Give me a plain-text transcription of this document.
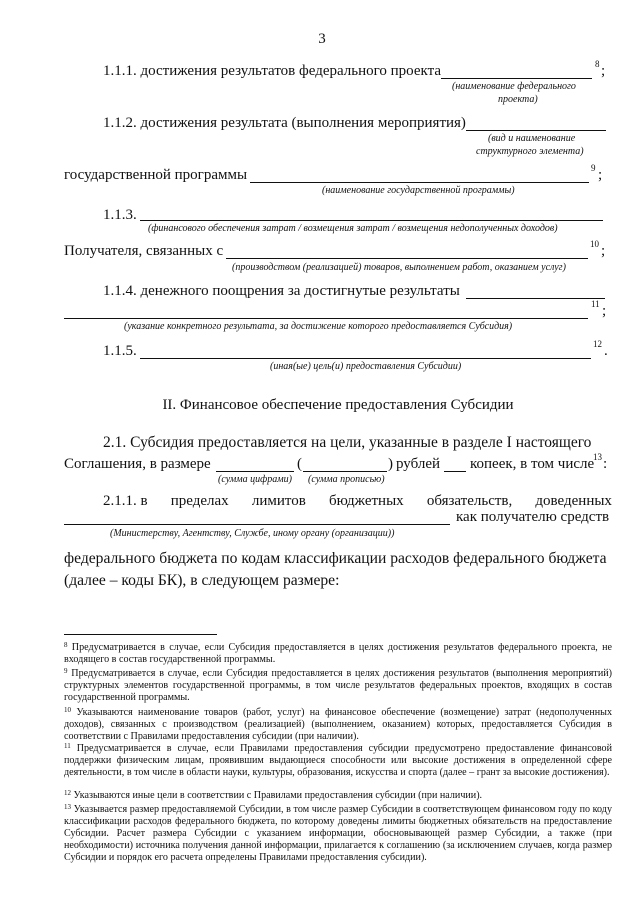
3
1.1.1. достижения результатов федерального проекта	8 ;
(наименование федерального
проекта)
1.1.2. достижения результата (выполнения мероприятия)
(вид и наименование
структурного элемента)
государственной программы	9 ;
(наименование государственной программы)
1.1.3.
(финансового обеспечения затрат / возмещения затрат / возмещения недополученных доходов)
Получателя, связанных с	10 ;
(производством (реализацией) товаров, выполнением работ, оказанием услуг)
1.1.4. денежного поощрения за достигнутые результаты
11 ;
(указание конкретного результата, за достижение которого предоставляется Субсидия)
1.1.5.	12 .
(иная(ые) цель(и) предоставления Субсидии)
II. Финансовое обеспечение предоставления Субсидии
2.1. Субсидия предоставляется на цели, указанные в разделе I настоящего
Соглашения, в размере	(	) рублей копеек, в том числе
13 :
(сумма цифрами) (сумма прописью)
2.1.1. в пределах лимитов бюджетных обязательств, доведенных
как получателю средств
(Министерству, Агентству, Службе, иному органу (организации))
федерального бюджета по кодам классификации расходов федерального бюджета
(далее – коды БК), в следующем размере:
$^8$ Предусматривается в случае, если Субсидия предоставляется в целях достижения результатов федерального проекта, не входящего в состав государственной программы.
$^9$ Предусматривается в случае, если Субсидия предоставляется в целях достижения результатов (выполнения мероприятий) структурных элементов государственной программы, в том числе результатов федеральных проектов, входящих в состав государственной программы.
$^{10}$ Указываются наименование товаров (работ, услуг) на финансовое обеспечение (возмещение) затрат (недополученных доходов), связанных с производством (реализацией) (выполнением, оказанием) которых, предоставляется Субсидия в соответствии с Правилами предоставления субсидии (при наличии).
$^{11}$ Предусматривается в случае, если Правилами предоставления субсидии предусмотрено предоставление финансовой поддержки физическим лицам, проявившим выдающиеся способности или высокие достижения в определенной сфере деятельности, в том числе в области науки, культуры, образования, искусства и спорта (далее – грант за высокие достижения).
$^{12}$ Указываются иные цели в соответствии с Правилами предоставления субсидии (при наличии).
$^{13}$ Указывается размер предоставляемой Субсидии, в том числе размер Субсидии в соответствующем финансовом году по коду классификации расходов федерального бюджета, по которому доведены лимиты бюджетных обязательств на предоставление Субсидии. Расчет размера Субсидии с указанием информации, обосновывающей размер Субсидии, а также (при необходимости) источника получения данной информации, прилагается к соглашению (за исключением случаев, когда размер Субсидии и порядок его расчета определены Правилами предоставления субсидии).
